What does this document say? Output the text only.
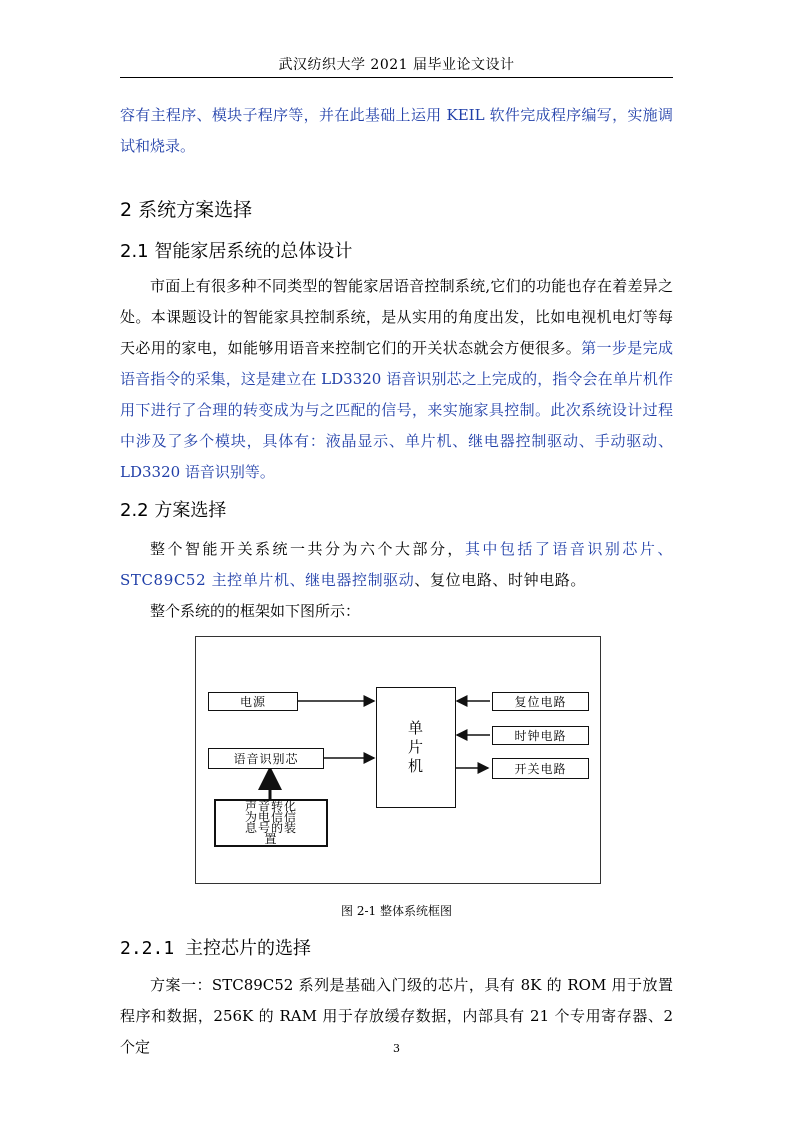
武汉纺织大学 2021 届毕业论文设计

容有主程序、模块子程序等，并在此基础上运用 KEIL 软件完成程序编写，实施调试和烧录。

2 系统方案选择
2.1 智能家居系统的总体设计

市面上有很多种不同类型的智能家居语音控制系统,它们的功能也存在着差异之处。本课题设计的智能家具控制系统，是从实用的角度出发，比如电视机电灯等每天必用的家电，如能够用语音来控制它们的开关状态就会方便很多。第一步是完成语音指令的采集，这是建立在 LD3320 语音识别芯之上完成的，指令会在单片机作用下进行了合理的转变成为与之匹配的信号，来实施家具控制。此次系统设计过程中涉及了多个模块，具体有：液晶显示、单片机、继电器控制驱动、手动驱动、LD3320 语音识别等。

2.2 方案选择

整个智能开关系统一共分为六个大部分，其中包括了语音识别芯片、STC89C52 主控单片机、继电器控制驱动、复位电路、时钟电路。

整个系统的的框架如下图所示：

电源
语音识别芯
单
片
机
复位电路
时钟电路
开关电路
声音转化
为电信信
息号的装
置
图 2-1 整体系统框图
2.2.1 主控芯片的选择

方案一：STC89C52 系列是基础入门级的芯片，具有 8K 的 ROM 用于放置程序和数据，256K 的 RAM 用于存放缓存数据，内部具有 21 个专用寄存器、2 个定	3
